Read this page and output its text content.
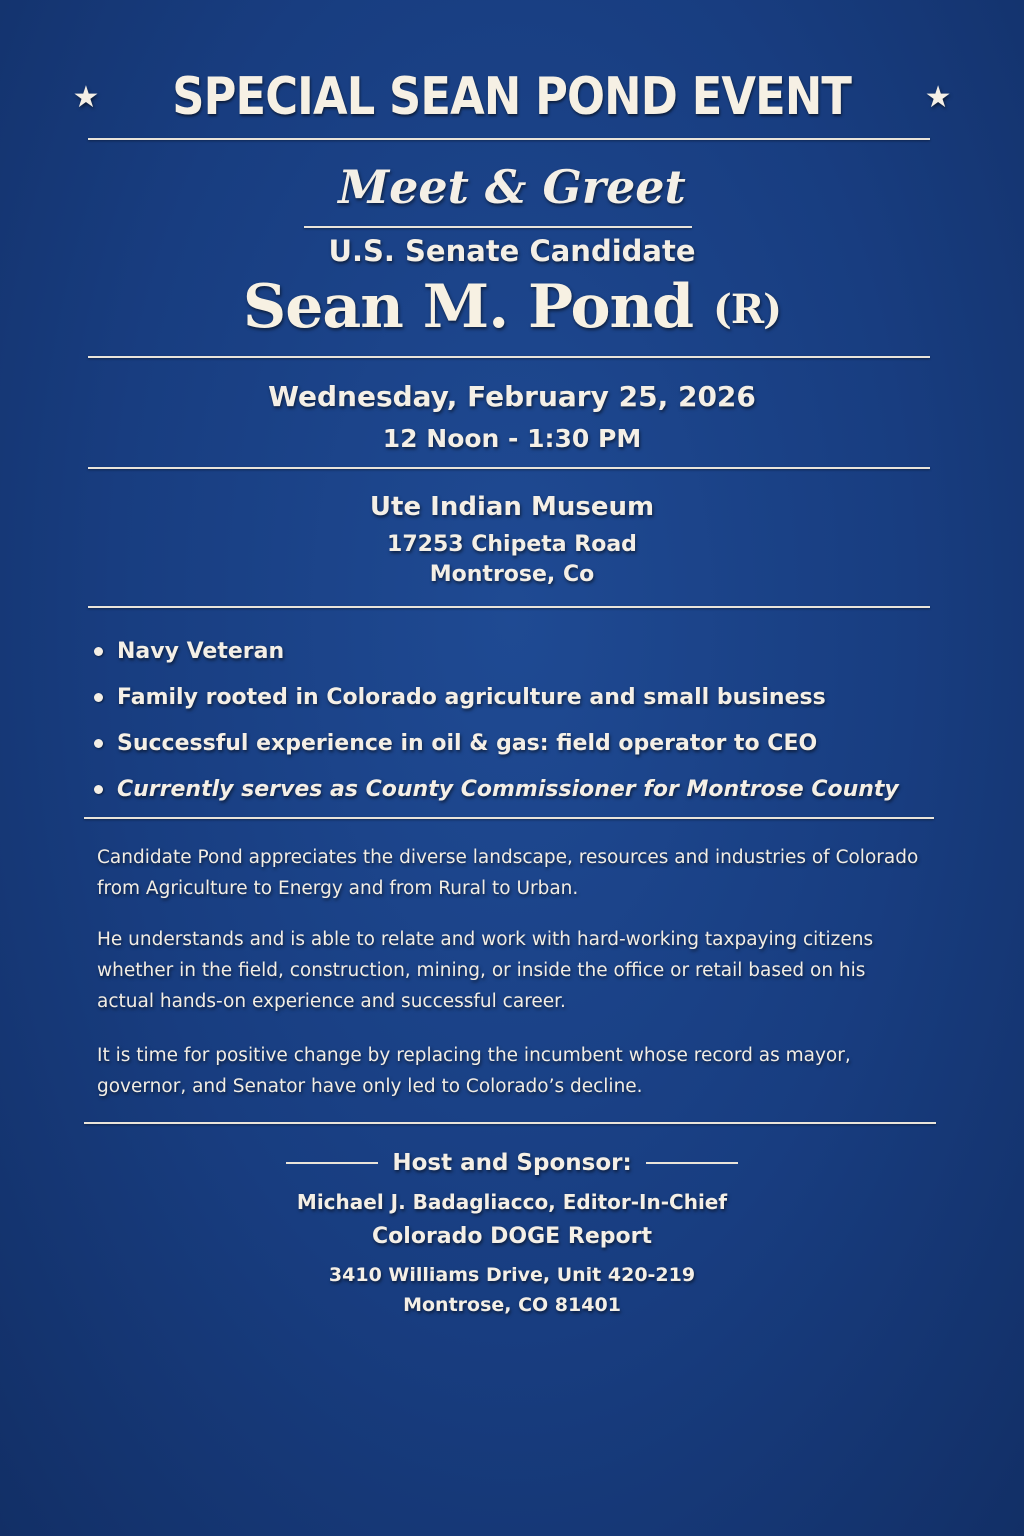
★ SPECIAL SEAN POND EVENT ★
Meet & Greet
U.S. Senate Candidate
Sean M. Pond (R)
Wednesday, February 25, 2026
12 Noon - 1:30 PM
Ute Indian Museum
17253 Chipeta Road
Montrose, Co
Navy Veteran
Family rooted in Colorado agriculture and small business
Successful experience in oil & gas: field operator to CEO
Currently serves as County Commissioner for Montrose County

Candidate Pond appreciates the diverse landscape, resources and industries of Colorado from Agriculture to Energy and from Rural to Urban.

He understands and is able to relate and work with hard-working taxpaying citizens whether in the field, construction, mining, or inside the office or retail based on his actual hands-on experience and successful career.

It is time for positive change by replacing the incumbent whose record as mayor, governor, and Senator have only led to Colorado’s decline.

Host and Sponsor:
Michael J. Badagliacco, Editor-In-Chief
Colorado DOGE Report
3410 Williams Drive, Unit 420-219
Montrose, CO 81401
